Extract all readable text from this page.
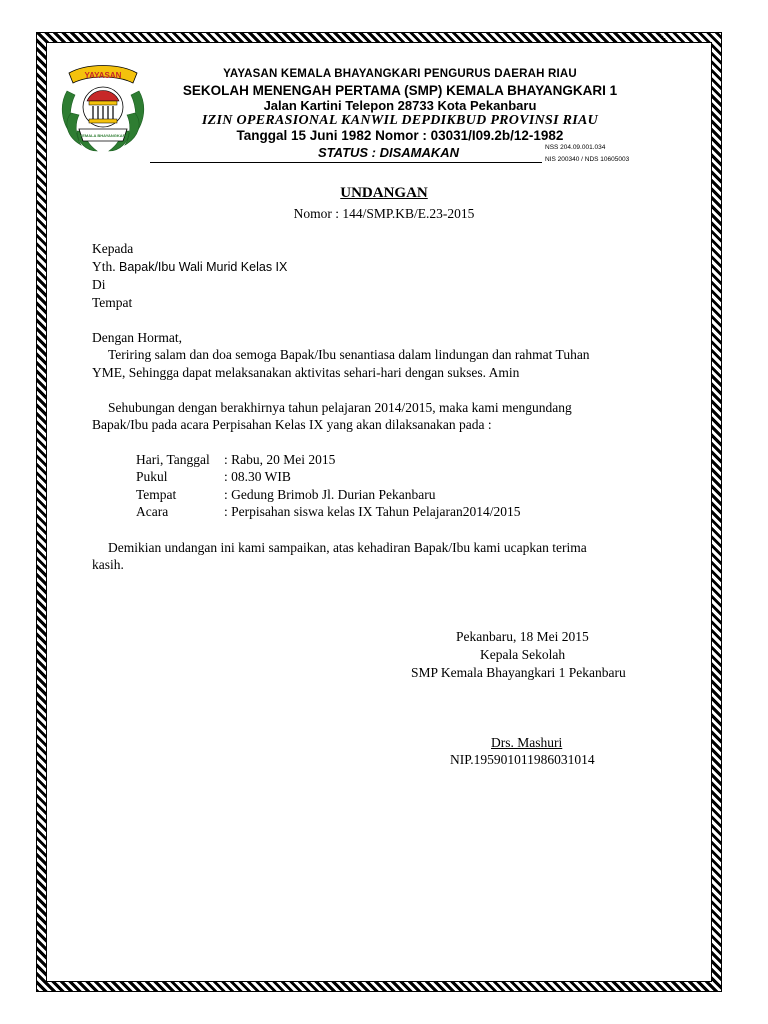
YAYASAN
KEMALA BHAYANGKARI
YAYASAN KEMALA BHAYANGKARI PENGURUS DAERAH RIAU
SEKOLAH MENENGAH PERTAMA (SMP) KEMALA BHAYANGKARI 1
Jalan Kartini Telepon 28733 Kota Pekanbaru
IZIN OPERASIONAL KANWIL DEPDIKBUD PROVINSI RIAU
Tanggal 15 Juni 1982 Nomor : 03031/I09.2b/12-1982
STATUS : DISAMAKAN	NSS 204.09.001.034
NIS 200340 / NDS 10605003
UNDANGAN
Nomor : 144/SMP.KB/E.23-2015
Kepada
Yth. Bapak/Ibu Wali Murid Kelas IX
Di
Tempat
Dengan Hormat,
Teriring salam dan doa semoga Bapak/Ibu senantiasa dalam lindungan dan rahmat Tuhan
YME, Sehingga dapat melaksanakan aktivitas sehari-hari dengan sukses. Amin
Sehubungan dengan berakhirnya tahun pelajaran 2014/2015, maka kami mengundang
Bapak/Ibu pada acara Perpisahan Kelas IX yang akan dilaksanakan pada :
Hari, Tanggal : Rabu, 20 Mei 2015
Pukul	: 08.30 WIB
Tempat	: Gedung Brimob Jl. Durian Pekanbaru
Acara	: Perpisahan siswa kelas IX Tahun Pelajaran2014/2015
Demikian undangan ini kami sampaikan, atas kehadiran Bapak/Ibu kami ucapkan terima
kasih.
Pekanbaru, 18 Mei 2015
Kepala Sekolah
SMP Kemala Bhayangkari 1 Pekanbaru
Drs. Mashuri
NIP.195901011986031014
